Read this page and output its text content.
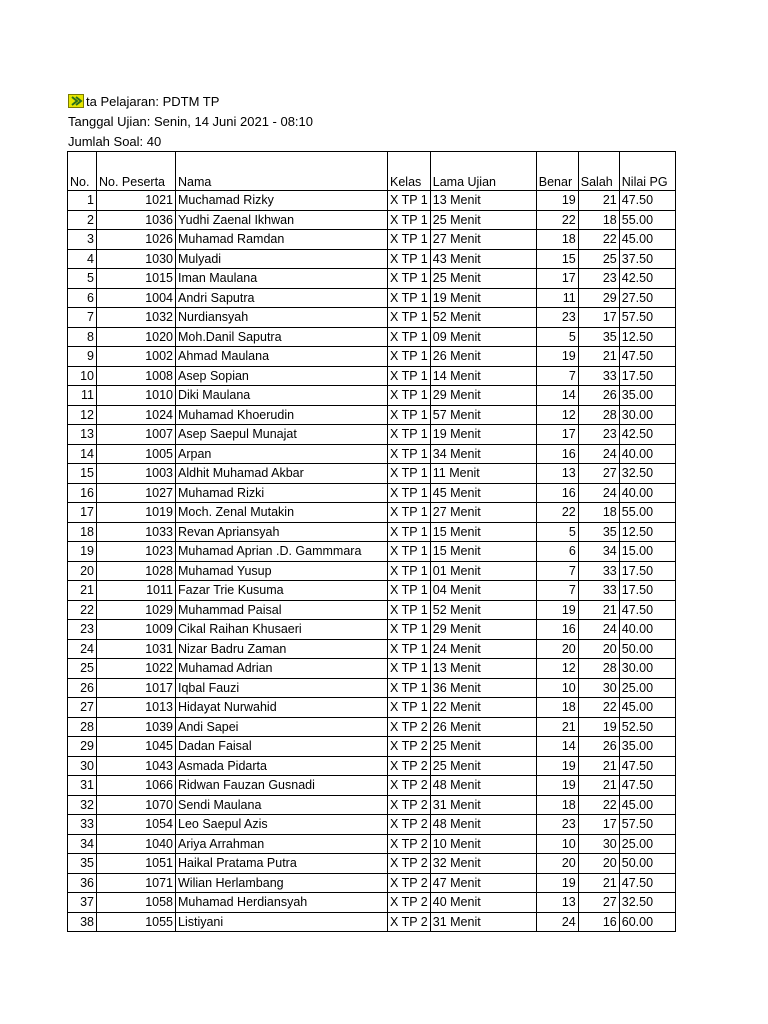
ta Pelajaran: PDTM TP
Tanggal Ujian: Senin, 14 Juni 2021 - 08:10
Jumlah Soal: 40
No.	No. Peserta	Nama	Kelas	Lama Ujian	Benar	Salah	Nilai PG
1	1021	Muchamad Rizky	X TP 1	13 Menit	19	21	47.50
2	1036	Yudhi Zaenal Ikhwan	X TP 1	25 Menit	22	18	55.00
3	1026	Muhamad Ramdan	X TP 1	27 Menit	18	22	45.00
4	1030	Mulyadi	X TP 1	43 Menit	15	25	37.50
5	1015	Iman Maulana	X TP 1	25 Menit	17	23	42.50
6	1004	Andri Saputra	X TP 1	19 Menit	11	29	27.50
7	1032	Nurdiansyah	X TP 1	52 Menit	23	17	57.50
8	1020	Moh.Danil Saputra	X TP 1	09 Menit	5	35	12.50
9	1002	Ahmad Maulana	X TP 1	26 Menit	19	21	47.50
10	1008	Asep Sopian	X TP 1	14 Menit	7	33	17.50
11	1010	Diki Maulana	X TP 1	29 Menit	14	26	35.00
12	1024	Muhamad Khoerudin	X TP 1	57 Menit	12	28	30.00
13	1007	Asep Saepul Munajat	X TP 1	19 Menit	17	23	42.50
14	1005	Arpan	X TP 1	34 Menit	16	24	40.00
15	1003	Aldhit Muhamad Akbar	X TP 1	11 Menit	13	27	32.50
16	1027	Muhamad Rizki	X TP 1	45 Menit	16	24	40.00
17	1019	Moch. Zenal Mutakin	X TP 1	27 Menit	22	18	55.00
18	1033	Revan Apriansyah	X TP 1	15 Menit	5	35	12.50
19	1023	Muhamad Aprian .D. Gammmara	X TP 1	15 Menit	6	34	15.00
20	1028	Muhamad Yusup	X TP 1	01 Menit	7	33	17.50
21	1011	Fazar Trie Kusuma	X TP 1	04 Menit	7	33	17.50
22	1029	Muhammad Paisal	X TP 1	52 Menit	19	21	47.50
23	1009	Cikal Raihan Khusaeri	X TP 1	29 Menit	16	24	40.00
24	1031	Nizar Badru Zaman	X TP 1	24 Menit	20	20	50.00
25	1022	Muhamad Adrian	X TP 1	13 Menit	12	28	30.00
26	1017	Iqbal Fauzi	X TP 1	36 Menit	10	30	25.00
27	1013	Hidayat Nurwahid	X TP 1	22 Menit	18	22	45.00
28	1039	Andi Sapei	X TP 2	26 Menit	21	19	52.50
29	1045	Dadan Faisal	X TP 2	25 Menit	14	26	35.00
30	1043	Asmada Pidarta	X TP 2	25 Menit	19	21	47.50
31	1066	Ridwan Fauzan Gusnadi	X TP 2	48 Menit	19	21	47.50
32	1070	Sendi Maulana	X TP 2	31 Menit	18	22	45.00
33	1054	Leo Saepul Azis	X TP 2	48 Menit	23	17	57.50
34	1040	Ariya Arrahman	X TP 2	10 Menit	10	30	25.00
35	1051	Haikal Pratama Putra	X TP 2	32 Menit	20	20	50.00
36	1071	Wilian Herlambang	X TP 2	47 Menit	19	21	47.50
37	1058	Muhamad Herdiansyah	X TP 2	40 Menit	13	27	32.50
38	1055	Listiyani	X TP 2	31 Menit	24	16	60.00
